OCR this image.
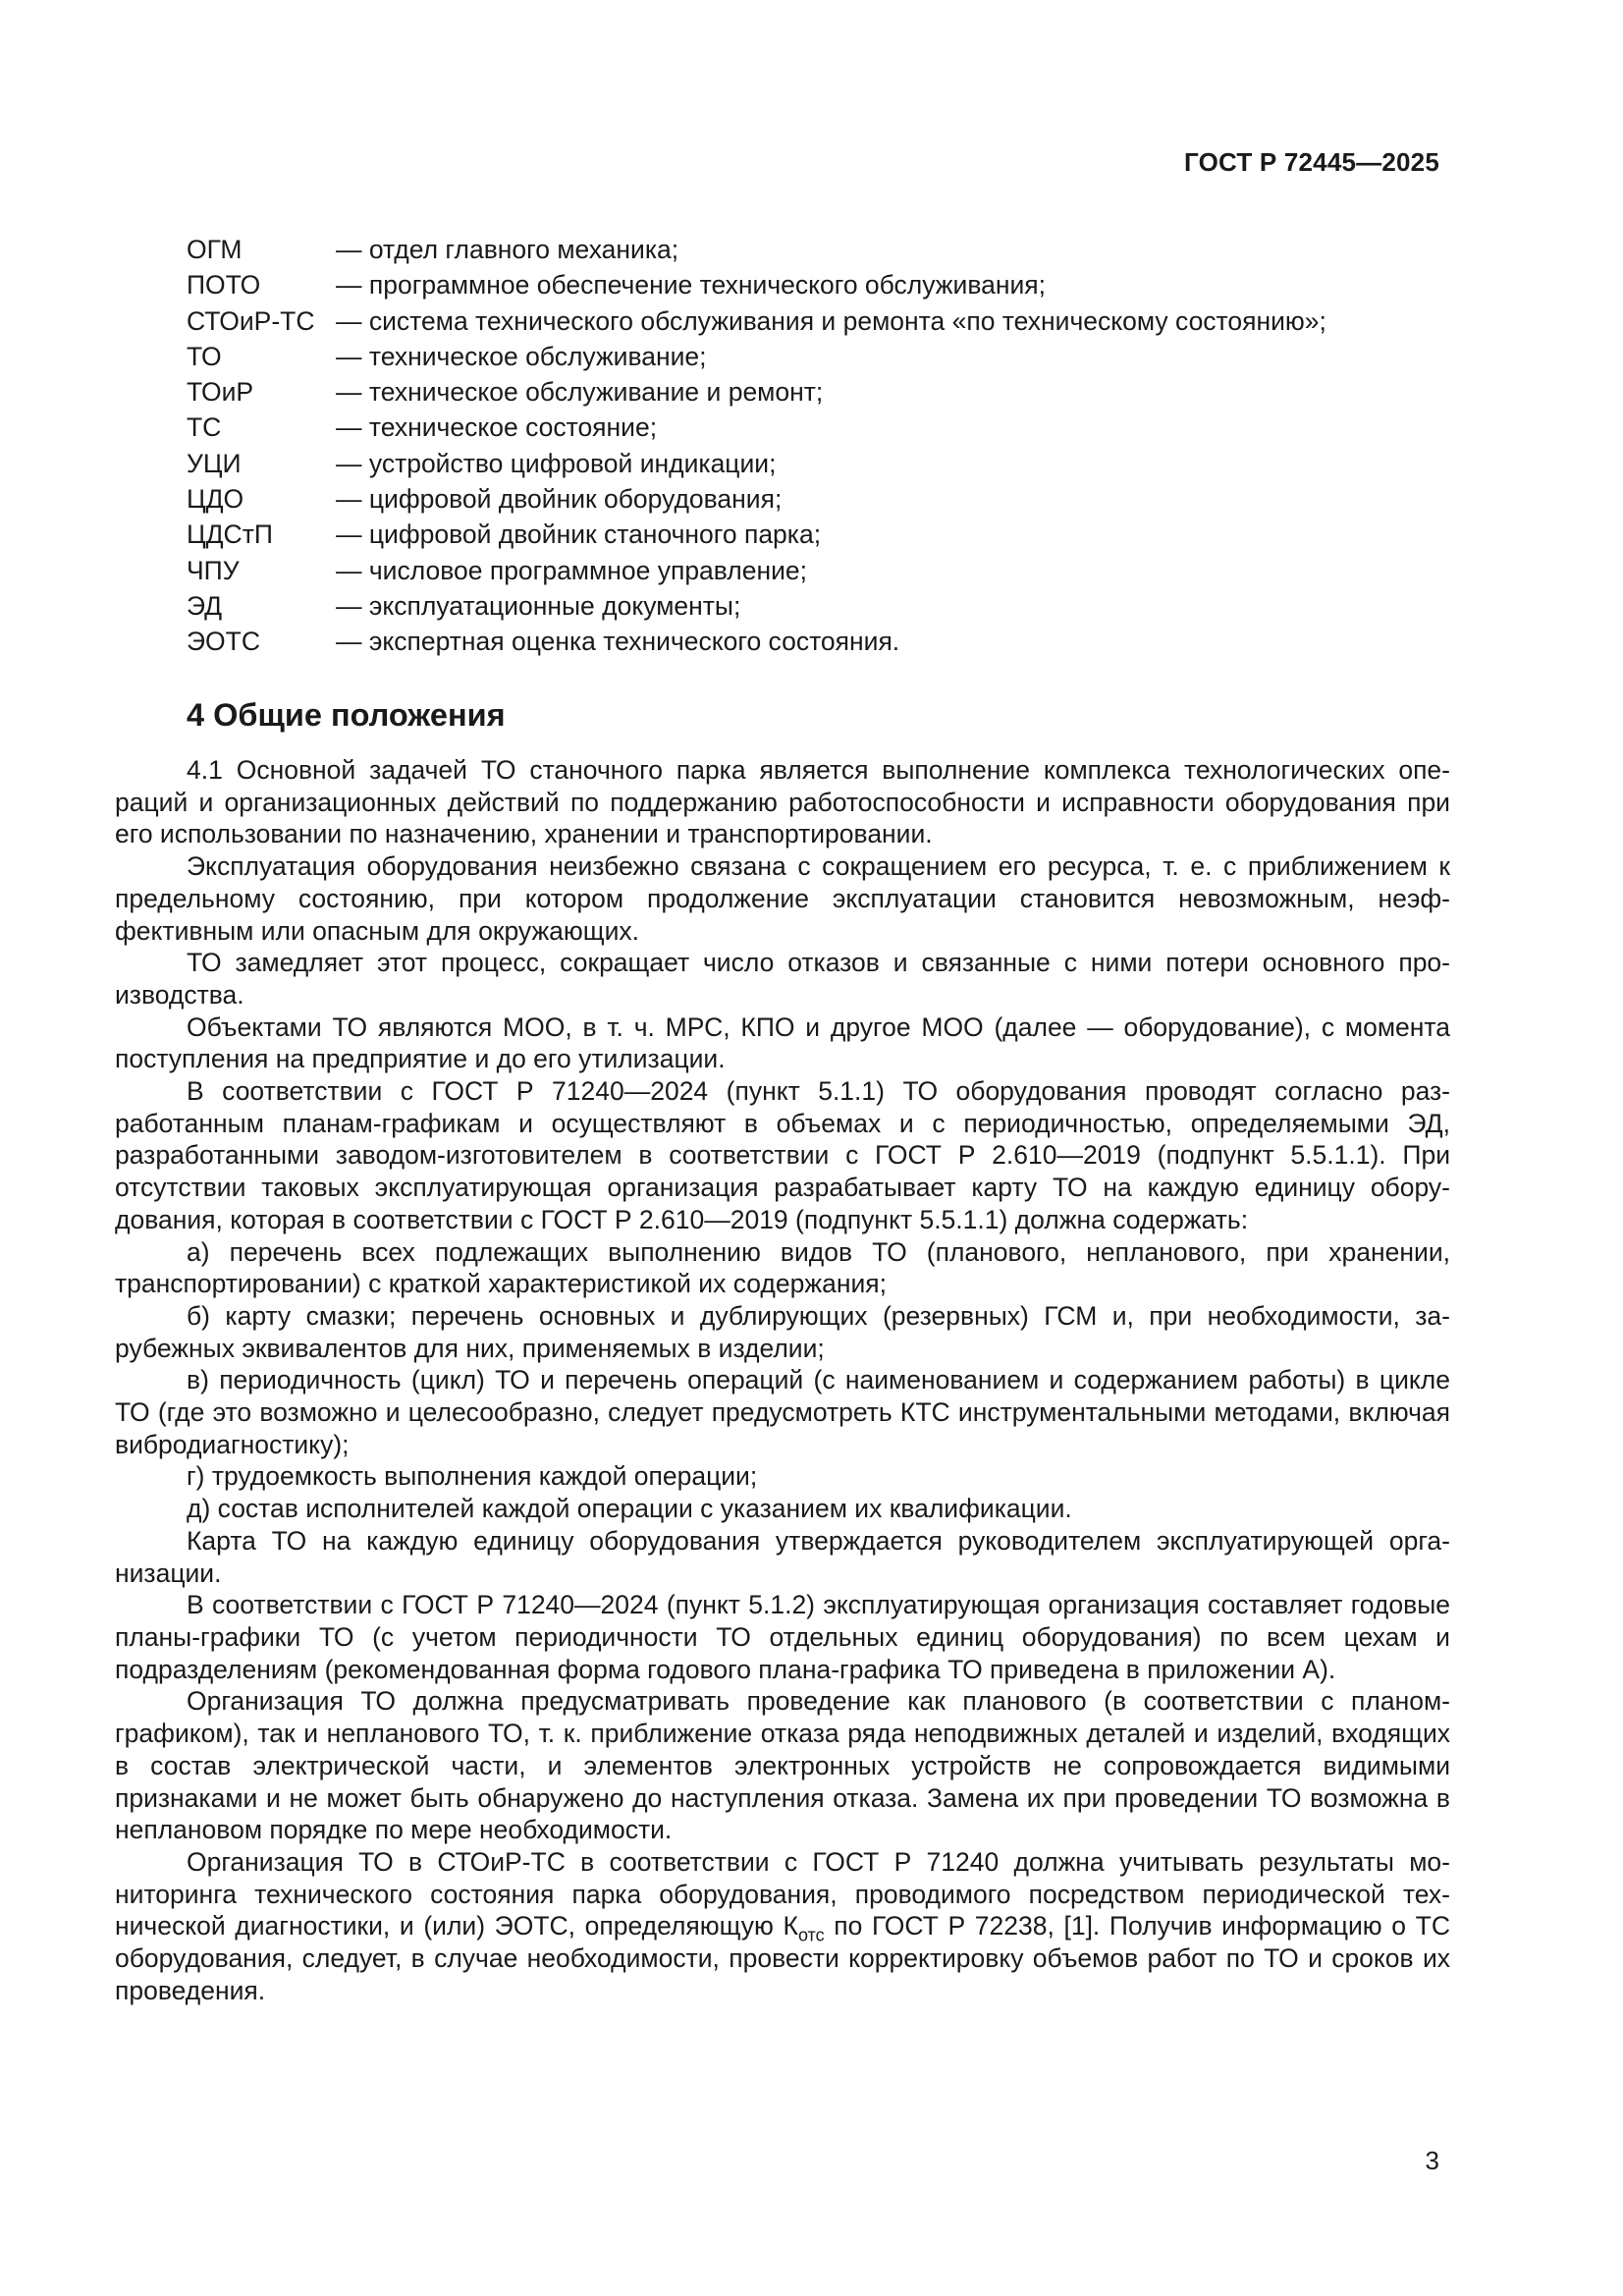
ГОСТ Р 72445—2025
ОГМ	— отдел главного механика;
ПОТО	— программное обеспечение технического обслуживания;
СТОиР-ТС — система технического обслуживания и ремонта «по техническому состоянию»;
ТО	— техническое обслуживание;
ТОиР	— техническое обслуживание и ремонт;
ТС	— техническое состояние;
УЦИ	— устройство цифровой индикации;
ЦДО	— цифровой двойник оборудования;
ЦДСтП	— цифровой двойник станочного парка;
ЧПУ	— числовое программное управление;
ЭД	— эксплуатационные документы;
ЭОТС	— экспертная оценка технического состояния.
4 Общие положения

4.1 Основной задачей ТО станочного парка является выполнение комплекса технологических операций и организационных действий по поддержанию работоспособности и исправности оборудования при его использовании по назначению, хранении и транспортировании.

Эксплуатация оборудования неизбежно связана с сокращением его ресурса, т. е. с приближением к предельному состоянию, при котором продолжение эксплуатации становится невозможным, неэффективным или опасным для окружающих.

ТО замедляет этот процесс, сокращает число отказов и связанные с ними потери основного производства.

Объектами ТО являются МОО, в т. ч. МРС, КПО и другое МОО (далее — оборудование), с момента поступления на предприятие и до его утилизации.

В соответствии с ГОСТ Р 71240—2024 (пункт 5.1.1) ТО оборудования проводят согласно разработанным планам-графикам и осуществляют в объемах и с периодичностью, определяемыми ЭД, разработанными заводом-изготовителем в соответствии с ГОСТ Р 2.610—2019 (подпункт 5.5.1.1). При отсутствии таковых эксплуатирующая организация разрабатывает карту ТО на каждую единицу оборудования, которая в соответствии с ГОСТ Р 2.610—2019 (подпункт 5.5.1.1) должна содержать:

а) перечень всех подлежащих выполнению видов ТО (планового, непланового, при хранении, транспортировании) с краткой характеристикой их содержания;

б) карту смазки; перечень основных и дублирующих (резервных) ГСМ и, при необходимости, зарубежных эквивалентов для них, применяемых в изделии;

в) периодичность (цикл) ТО и перечень операций (с наименованием и содержанием работы) в цикле ТО (где это возможно и целесообразно, следует предусмотреть КТС инструментальными методами, включая вибродиагностику);

г) трудоемкость выполнения каждой операции;

д) состав исполнителей каждой операции с указанием их квалификации.

Карта ТО на каждую единицу оборудования утверждается руководителем эксплуатирующей организации.

В соответствии с ГОСТ Р 71240—2024 (пункт 5.1.2) эксплуатирующая организация составляет годовые планы-графики ТО (с учетом периодичности ТО отдельных единиц оборудования) по всем цехам и подразделениям (рекомендованная форма годового плана-графика ТО приведена в приложении А).

Организация ТО должна предусматривать проведение как планового (в соответствии с планом-графиком), так и непланового ТО, т. к. приближение отказа ряда неподвижных деталей и изделий, входящих в состав электрической части, и элементов электронных устройств не сопровождается видимыми признаками и не может быть обнаружено до наступления отказа. Замена их при проведении ТО возможна в неплановом порядке по мере необходимости.

Организация ТО в СТОиР-ТС в соответствии с ГОСТ Р 71240 должна учитывать результаты мониторинга технического состояния парка оборудования, проводимого посредством периодической технической диагностики, и (или) ЭОТС, определяющую $К_{отс}$ по ГОСТ Р 72238, [1]. Получив информацию о ТС оборудования, следует, в случае необходимости, провести корректировку объемов работ по ТО и сроков их проведения.

3
